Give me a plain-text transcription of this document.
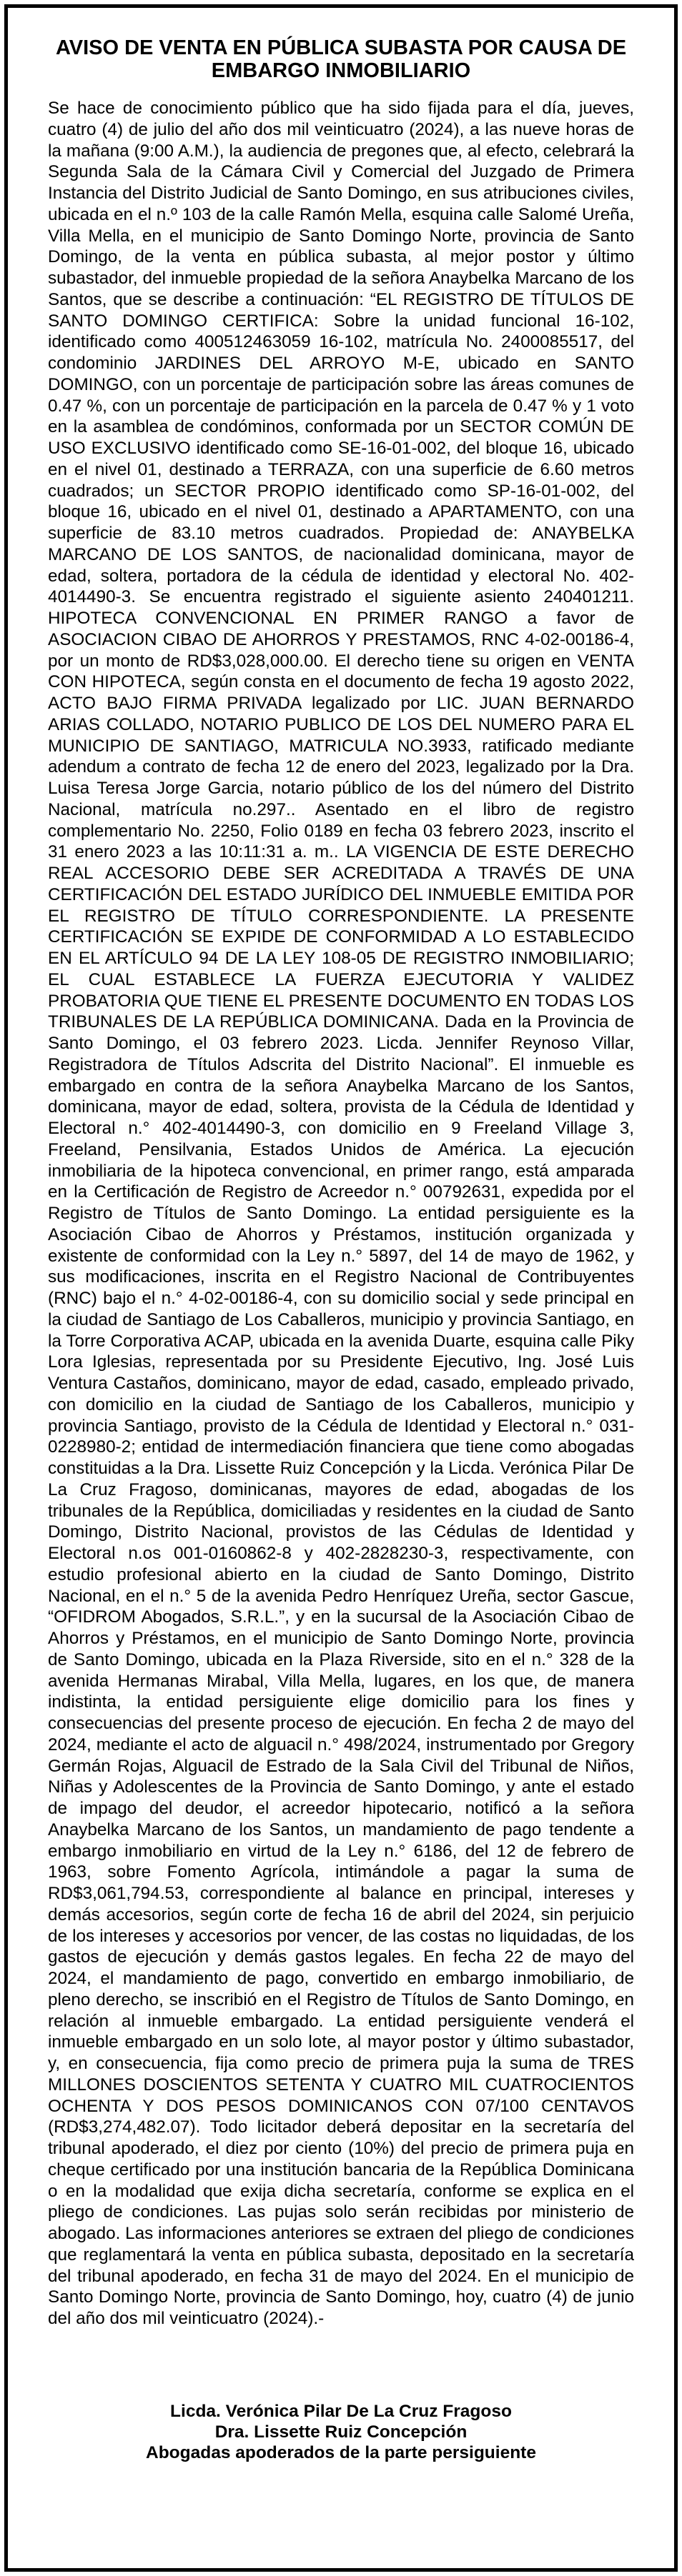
AVISO DE VENTA EN PÚBLICA SUBASTA POR CAUSA DE EMBARGO INMOBILIARIO

Se hace de conocimiento público que ha sido fijada para el día, jueves, cuatro (4) de julio del año dos mil veinticuatro (2024), a las nueve horas de la mañana (9:00 A.M.), la audiencia de pregones que, al efecto, celebrará la Segunda Sala de la Cámara Civil y Comercial del Juzgado de Primera Instancia del Distrito Judicial de Santo Domingo, en sus atribuciones civiles, ubicada en el n.º 103 de la calle Ramón Mella, esquina calle Salomé Ureña, Villa Mella, en el municipio de Santo Domingo Norte, provincia de Santo Domingo, de la venta en pública subasta, al mejor postor y último subastador, del inmueble propiedad de la señora Anaybelka Marcano de los Santos, que se describe a continuación: “EL REGISTRO DE TÍTULOS DE SANTO DOMINGO CERTIFICA: Sobre la unidad funcional 16-102, identificado como 400512463059 16-102, matrícula No. 2400085517, del condominio JARDINES DEL ARROYO M-E, ubicado en SANTO DOMINGO, con un porcentaje de participación sobre las áreas comunes de 0.47 %, con un porcentaje de participación en la parcela de 0.47 % y 1 voto en la asamblea de condóminos, conformada por un SECTOR COMÚN DE USO EXCLUSIVO identificado como SE-16-01-002, del bloque 16, ubicado en el nivel 01, destinado a TERRAZA, con una superficie de 6.60 metros cuadrados; un SECTOR PROPIO identificado como SP-16-01-002, del bloque 16, ubicado en el nivel 01, destinado a APARTAMENTO, con una superficie de 83.10 metros cuadrados. Propiedad de: ANAYBELKA MARCANO DE LOS SANTOS, de nacionalidad dominicana, mayor de edad, soltera, portadora de la cédula de identidad y electoral No. 402-4014490-3. Se encuentra registrado el siguiente asiento 240401211. HIPOTECA CONVENCIONAL EN PRIMER RANGO a favor de ASOCIACION CIBAO DE AHORROS Y PRESTAMOS, RNC 4-02-00186-4, por un monto de RD$3,028,000.00. El derecho tiene su origen en VENTA CON HIPOTECA, según consta en el documento de fecha 19 agosto 2022, ACTO BAJO FIRMA PRIVADA legalizado por LIC. JUAN BERNARDO ARIAS COLLADO, NOTARIO PUBLICO DE LOS DEL NUMERO PARA EL MUNICIPIO DE SANTIAGO, MATRICULA NO.3933, ratificado mediante adendum a contrato de fecha 12 de enero del 2023, legalizado por la Dra. Luisa Teresa Jorge Garcia, notario público de los del número del Distrito Nacional, matrícula no.297.. Asentado en el libro de registro complementario No. 2250, Folio 0189 en fecha 03 febrero 2023, inscrito el 31 enero 2023 a las 10:11:31 a. m.. LA VIGENCIA DE ESTE DERECHO REAL ACCESORIO DEBE SER ACREDITADA A TRAVÉS DE UNA CERTIFICACIÓN DEL ESTADO JURÍDICO DEL INMUEBLE EMITIDA POR EL REGISTRO DE TÍTULO CORRESPONDIENTE. LA PRESENTE CERTIFICACIÓN SE EXPIDE DE CONFORMIDAD A LO ESTABLECIDO EN EL ARTÍCULO 94 DE LA LEY 108-05 DE REGISTRO INMOBILIARIO; EL CUAL ESTABLECE LA FUERZA EJECUTORIA Y VALIDEZ PROBATORIA QUE TIENE EL PRESENTE DOCUMENTO EN TODAS LOS TRIBUNALES DE LA REPÚBLICA DOMINICANA. Dada en la Provincia de Santo Domingo, el 03 febrero 2023. Licda. Jennifer Reynoso Villar, Registradora de Títulos Adscrita del Distrito Nacional”. El inmueble es embargado en contra de la señora Anaybelka Marcano de los Santos, dominicana, mayor de edad, soltera, provista de la Cédula de Identidad y Electoral n.° 402-4014490-3, con domicilio en 9 Freeland Village 3, Freeland, Pensilvania, Estados Unidos de América. La ejecución inmobiliaria de la hipoteca convencional, en primer rango, está amparada en la Certificación de Registro de Acreedor n.° 00792631, expedida por el Registro de Títulos de Santo Domingo. La entidad persiguiente es la Asociación Cibao de Ahorros y Préstamos, institución organizada y existente de conformidad con la Ley n.° 5897, del 14 de mayo de 1962, y sus modificaciones, inscrita en el Registro Nacional de Contribuyentes (RNC) bajo el n.° 4-02-00186-4, con su domicilio social y sede principal en la ciudad de Santiago de Los Caballeros, municipio y provincia Santiago, en la Torre Corporativa ACAP, ubicada en la avenida Duarte, esquina calle Piky Lora Iglesias, representada por su Presidente Ejecutivo, Ing. José Luis Ventura Castaños, dominicano, mayor de edad, casado, empleado privado, con domicilio en la ciudad de Santiago de los Caballeros, municipio y provincia Santiago, provisto de la Cédula de Identidad y Electoral n.° 031-0228980-2; entidad de intermediación financiera que tiene como abogadas constituidas a la Dra. Lissette Ruiz Concepción y la Licda. Verónica Pilar De La Cruz Fragoso, dominicanas, mayores de edad, abogadas de los tribunales de la República, domiciliadas y residentes en la ciudad de Santo Domingo, Distrito Nacional, provistos de las Cédulas de Identidad y Electoral n.os 001-0160862-8 y 402-2828230-3, respectivamente, con estudio profesional abierto en la ciudad de Santo Domingo, Distrito Nacional, en el n.° 5 de la avenida Pedro Henríquez Ureña, sector Gascue, “OFIDROM Abogados, S.R.L.”, y en la sucursal de la Asociación Cibao de Ahorros y Préstamos, en el municipio de Santo Domingo Norte, provincia de Santo Domingo, ubicada en la Plaza Riverside, sito en el n.° 328 de la avenida Hermanas Mirabal, Villa Mella, lugares, en los que, de manera indistinta, la entidad persiguiente elige domicilio para los fines y consecuencias del presente proceso de ejecución. En fecha 2 de mayo del 2024, mediante el acto de alguacil n.° 498/2024, instrumentado por Gregory Germán Rojas, Alguacil de Estrado de la Sala Civil del Tribunal de Niños, Niñas y Adolescentes de la Provincia de Santo Domingo, y ante el estado de impago del deudor, el acreedor hipotecario, notificó a la señora Anaybelka Marcano de los Santos, un mandamiento de pago tendente a embargo inmobiliario en virtud de la Ley n.° 6186, del 12 de febrero de 1963, sobre Fomento Agrícola, intimándole a pagar la suma de RD$3,061,794.53, correspondiente al balance en principal, intereses y demás accesorios, según corte de fecha 16 de abril del 2024, sin perjuicio de los intereses y accesorios por vencer, de las costas no liquidadas, de los gastos de ejecución y demás gastos legales. En fecha 22 de mayo del 2024, el mandamiento de pago, convertido en embargo inmobiliario, de pleno derecho, se inscribió en el Registro de Títulos de Santo Domingo, en relación al inmueble embargado. La entidad persiguiente venderá el inmueble embargado en un solo lote, al mayor postor y último subastador, y, en consecuencia, fija como precio de primera puja la suma de TRES MILLONES DOSCIENTOS SETENTA Y CUATRO MIL CUATROCIENTOS OCHENTA Y DOS PESOS DOMINICANOS CON 07/100 CENTAVOS (RD$3,274,482.07). Todo licitador deberá depositar en la secretaría del tribunal apoderado, el diez por ciento (10%) del precio de primera puja en cheque certificado por una institución bancaria de la República Dominicana o en la modalidad que exija dicha secretaría, conforme se explica en el pliego de condiciones. Las pujas solo serán recibidas por ministerio de abogado. Las informaciones anteriores se extraen del pliego de condiciones que reglamentará la venta en pública subasta, depositado en la secretaría del tribunal apoderado, en fecha 31 de mayo del 2024. En el municipio de Santo Domingo Norte, provincia de Santo Domingo, hoy, cuatro (4) de junio del año dos mil veinticuatro (2024).-

Licda. Verónica Pilar De La Cruz Fragoso
Dra. Lissette Ruiz Concepción
Abogadas apoderados de la parte persiguiente
